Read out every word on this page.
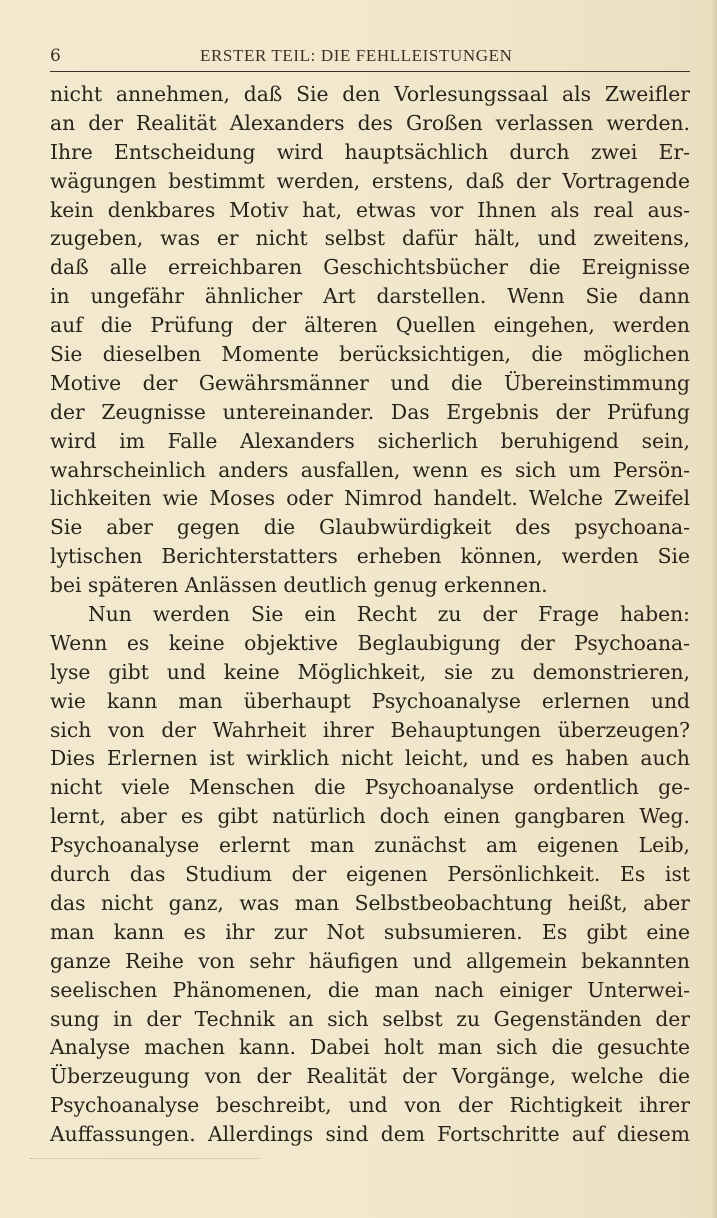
6	ERSTER TEIL: DIE FEHLLEISTUNGEN
nicht annehmen, daß Sie den Vorlesungssaal als Zweifler
an der Realität Alexanders des Großen verlassen werden.
Ihre Entscheidung wird hauptsächlich durch zwei Er-
wägungen bestimmt werden, erstens, daß der Vortragende
kein denkbares Motiv hat, etwas vor Ihnen als real aus-
zugeben, was er nicht selbst dafür hält, und zweitens,
daß alle erreichbaren Geschichtsbücher die Ereignisse
in ungefähr ähnlicher Art darstellen. Wenn Sie dann
auf die Prüfung der älteren Quellen eingehen, werden
Sie dieselben Momente berücksichtigen, die möglichen
Motive der Gewährsmänner und die Übereinstimmung
der Zeugnisse untereinander. Das Ergebnis der Prüfung
wird im Falle Alexanders sicherlich beruhigend sein,
wahrscheinlich anders ausfallen, wenn es sich um Persön-
lichkeiten wie Moses oder Nimrod handelt. Welche Zweifel
Sie aber gegen die Glaubwürdigkeit des psychoana-
lytischen Berichterstatters erheben können, werden Sie
bei späteren Anlässen deutlich genug erkennen.
Nun werden Sie ein Recht zu der Frage haben:
Wenn es keine objektive Beglaubigung der Psychoana-
lyse gibt und keine Möglichkeit, sie zu demonstrieren,
wie kann man überhaupt Psychoanalyse erlernen und
sich von der Wahrheit ihrer Behauptungen überzeugen?
Dies Erlernen ist wirklich nicht leicht, und es haben auch
nicht viele Menschen die Psychoanalyse ordentlich ge-
lernt, aber es gibt natürlich doch einen gangbaren Weg.
Psychoanalyse erlernt man zunächst am eigenen Leib,
durch das Studium der eigenen Persönlichkeit. Es ist
das nicht ganz, was man Selbstbeobachtung heißt, aber
man kann es ihr zur Not subsumieren. Es gibt eine
ganze Reihe von sehr häufigen und allgemein bekannten
seelischen Phänomenen, die man nach einiger Unterwei-
sung in der Technik an sich selbst zu Gegenständen der
Analyse machen kann. Dabei holt man sich die gesuchte
Überzeugung von der Realität der Vorgänge, welche die
Psychoanalyse beschreibt, und von der Richtigkeit ihrer
Auffassungen. Allerdings sind dem Fortschritte auf diesem
